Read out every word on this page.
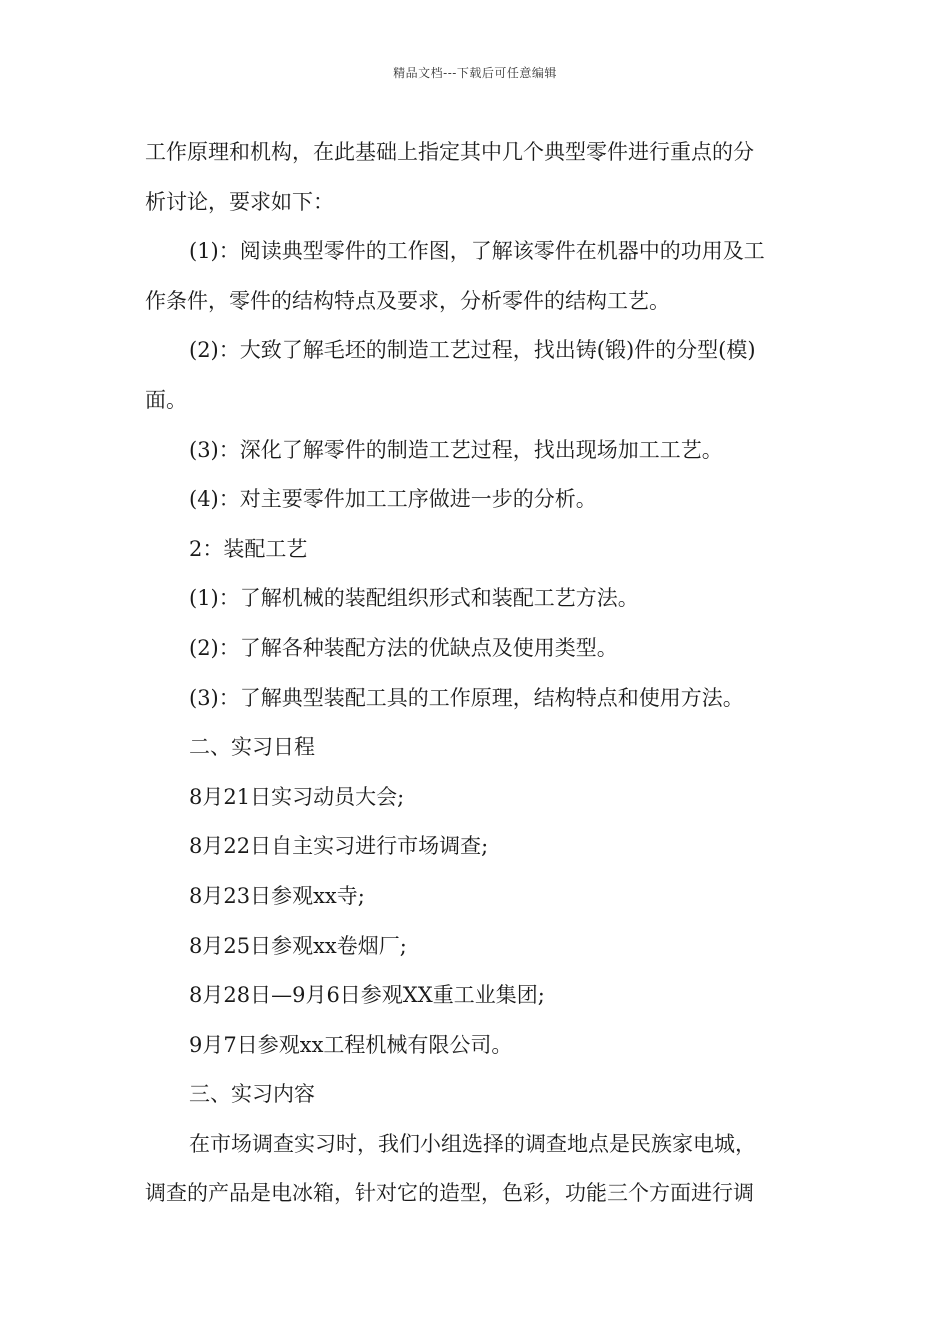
精品文档---下载后可任意编辑
工作原理和机构，在此基础上指定其中几个典型零件进行重点的分
析讨论，要求如下：
(1)：阅读典型零件的工作图，了解该零件在机器中的功用及工
作条件，零件的结构特点及要求，分析零件的结构工艺。
(2)：大致了解毛坯的制造工艺过程，找出铸(锻)件的分型(模)
面。
(3)：深化了解零件的制造工艺过程，找出现场加工工艺。
(4)：对主要零件加工工序做进一步的分析。
2：装配工艺
(1)：了解机械的装配组织形式和装配工艺方法。
(2)：了解各种装配方法的优缺点及使用类型。
(3)：了解典型装配工具的工作原理，结构特点和使用方法。
二、实习日程
8月21日实习动员大会;
8月22日自主实习进行市场调查;
8月23日参观xx寺;
8月25日参观xx卷烟厂;
8月28日—9月6日参观XX重工业集团;
9月7日参观xx工程机械有限公司。
三、实习内容
在市场调查实习时，我们小组选择的调查地点是民族家电城，
调查的产品是电冰箱，针对它的造型，色彩，功能三个方面进行调
